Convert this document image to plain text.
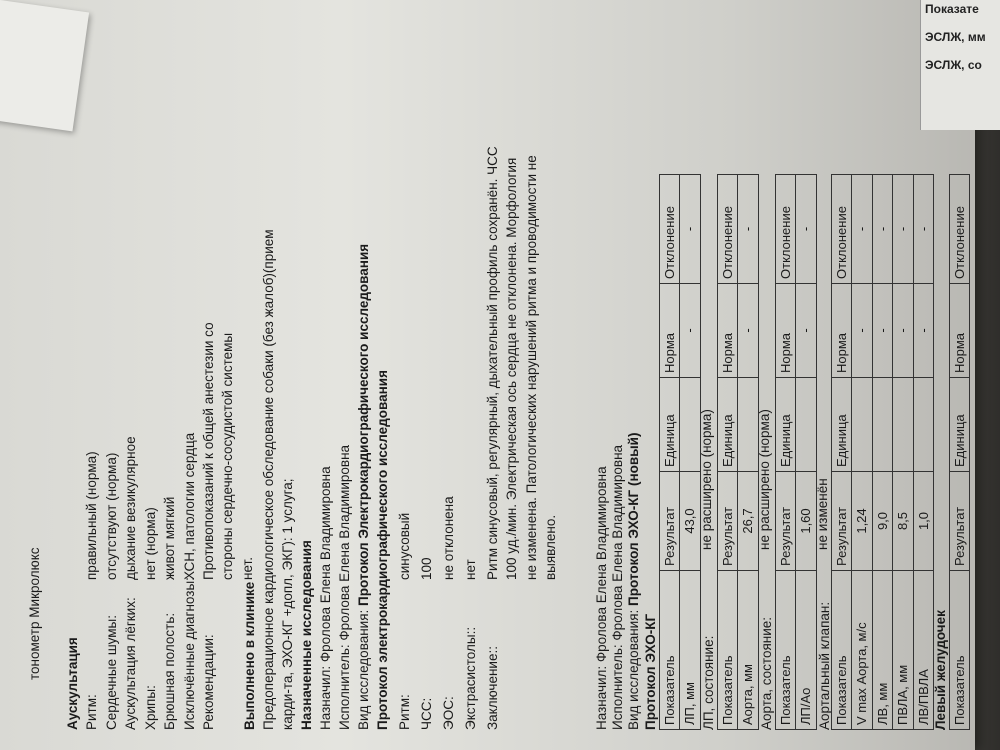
тонометр Микролюкс
Аускультация Ритм:
правильный (норма)
Сердечные шумы:
отсутствуют (норма)
Аускультация лёгких:
дыхание везикулярное
Хрипы:
нет (норма)
Брюшная полость:
живот мягкий
Исключённые диагнозы:
ХСН, патологии сердца
Рекомендации:
Противопоказаний к общей анестезии со стороны сердечно-сосудистой системы нет.
Выполнено в клинике Предоперационное кардиологическое обследование собаки (без жалоб)(прием карди-та, ЭХО-КГ +допл, ЭКГ): 1 услуга; Назначенные исследования Назначил: Фролова Елена Владимировна Исполнитель: Фролова Елена Владимировна Вид исследования: Протокол Электрокардиографического исследования Протокол электрокардиографического исследования Ритм:
синусовый
ЧСС:
100
ЭОС:
не отклонена
Экстрасистолы::
нет
Заключение::
Ритм синусовый, регулярный, дыхательный профиль сохранён. ЧСС 100 уд./мин. Электрическая ось сердца не отклонена. Морфология не изменена. Патологических нарушений ритма и проводимости не выявлено.	Назначил: Фролова Елена Владимировна Исполнитель: Фролова Елена Владимировна Вид исследования: Протокол ЭХО-КГ (новый)
Протокол ЭХО-КГ Показатель	Результат	Единица	Норма	Отклонение
ЛП, мм	43,0		-	-
ЛП, состояние:
не расширено (норма)
Показатель	Результат	Единица	Норма	Отклонение
Аорта, мм	26,7		-	-
Аорта, состояние:
не расширено (норма)
Показатель	Результат	Единица	Норма	Отклонение
ЛП/Ао	1,60		-	-
Аортальный клапан:
не изменён
Показатель	Результат	Единица	Норма	Отклонение
V max Аорта, м/с	1,24		-	-
ЛВ, мм	9,0		-	-
ПВЛА, мм	8,5		-	-
ЛВ/ПВЛА	1,0		-	-
Левый желудочек Показатель	Результат	Единица	Норма	Отклонение
Показате
ЭСЛЖ, мм
ЭСЛЖ, со
